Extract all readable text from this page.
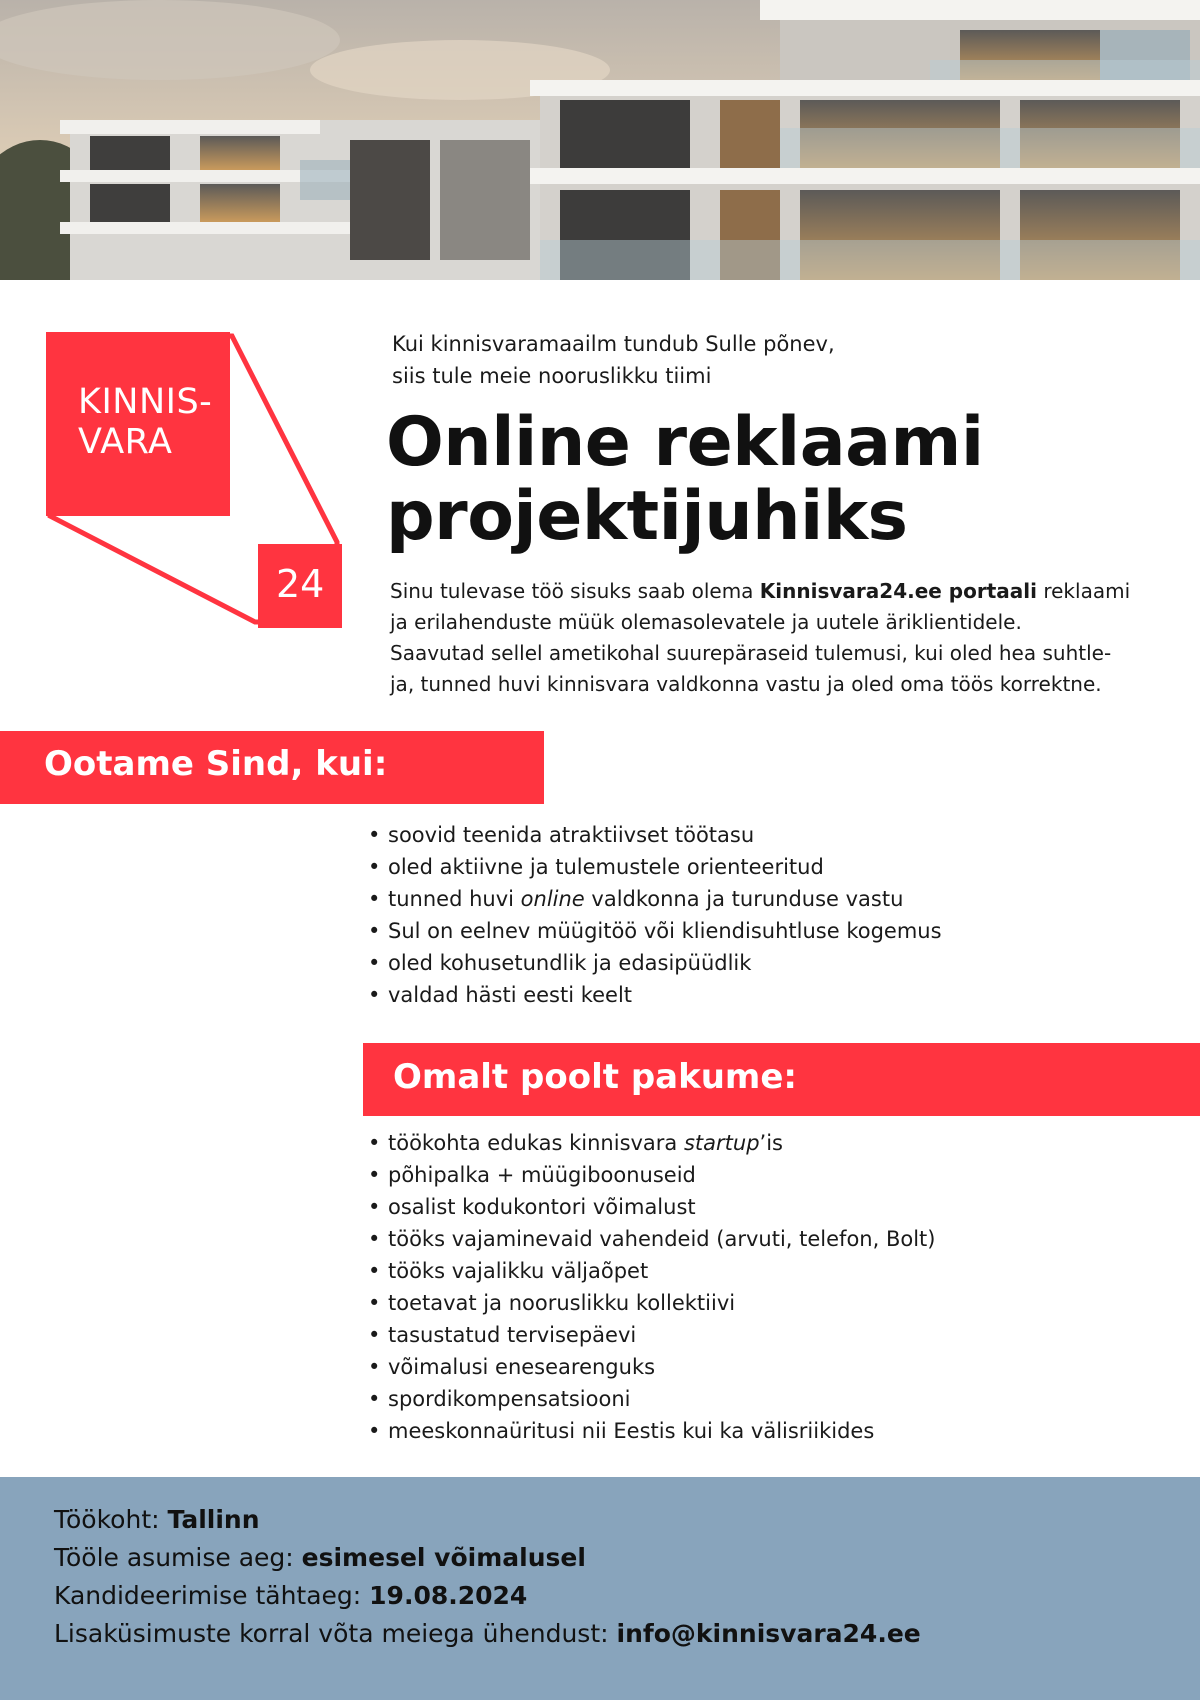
KINNIS-
VARA
24
Kui kinnisvaramaailm tundub Sulle põnev,
siis tule meie nooruslikku tiimi
Online reklaami
projektijuhiks
Sinu tulevase töö sisuks saab olema Kinnisvara24.ee portaali reklaami
ja erilahenduste müük olemasolevatele ja uutele äriklientidele.
Saavutad sellel ametikohal suurepäraseid tulemusi, kui oled hea suhtle-
ja, tunned huvi kinnisvara valdkonna vastu ja oled oma töös korrektne.
Ootame Sind, kui:
• soovid teenida atraktiivset töötasu
• oled aktiivne ja tulemustele orienteeritud
• tunned huvi online valdkonna ja turunduse vastu
• Sul on eelnev müügitöö või kliendisuhtluse kogemus
• oled kohusetundlik ja edasipüüdlik
• valdad hästi eesti keelt
Omalt poolt pakume:
• töökohta edukas kinnisvara startup’is
• põhipalka + müügiboonuseid
• osalist kodukontori võimalust
• tööks vajaminevaid vahendeid (arvuti, telefon, Bolt)
• tööks vajalikku väljaõpet
• toetavat ja nooruslikku kollektiivi
• tasustatud tervisepäevi
• võimalusi enesearenguks
• spordikompensatsiooni
• meeskonnaüritusi nii Eestis kui ka välisriikides
Töökoht: Tallinn
Tööle asumise aeg: esimesel võimalusel
Kandideerimise tähtaeg: 19.08.2024
Lisaküsimuste korral võta meiega ühendust: info@kinnisvara24.ee
